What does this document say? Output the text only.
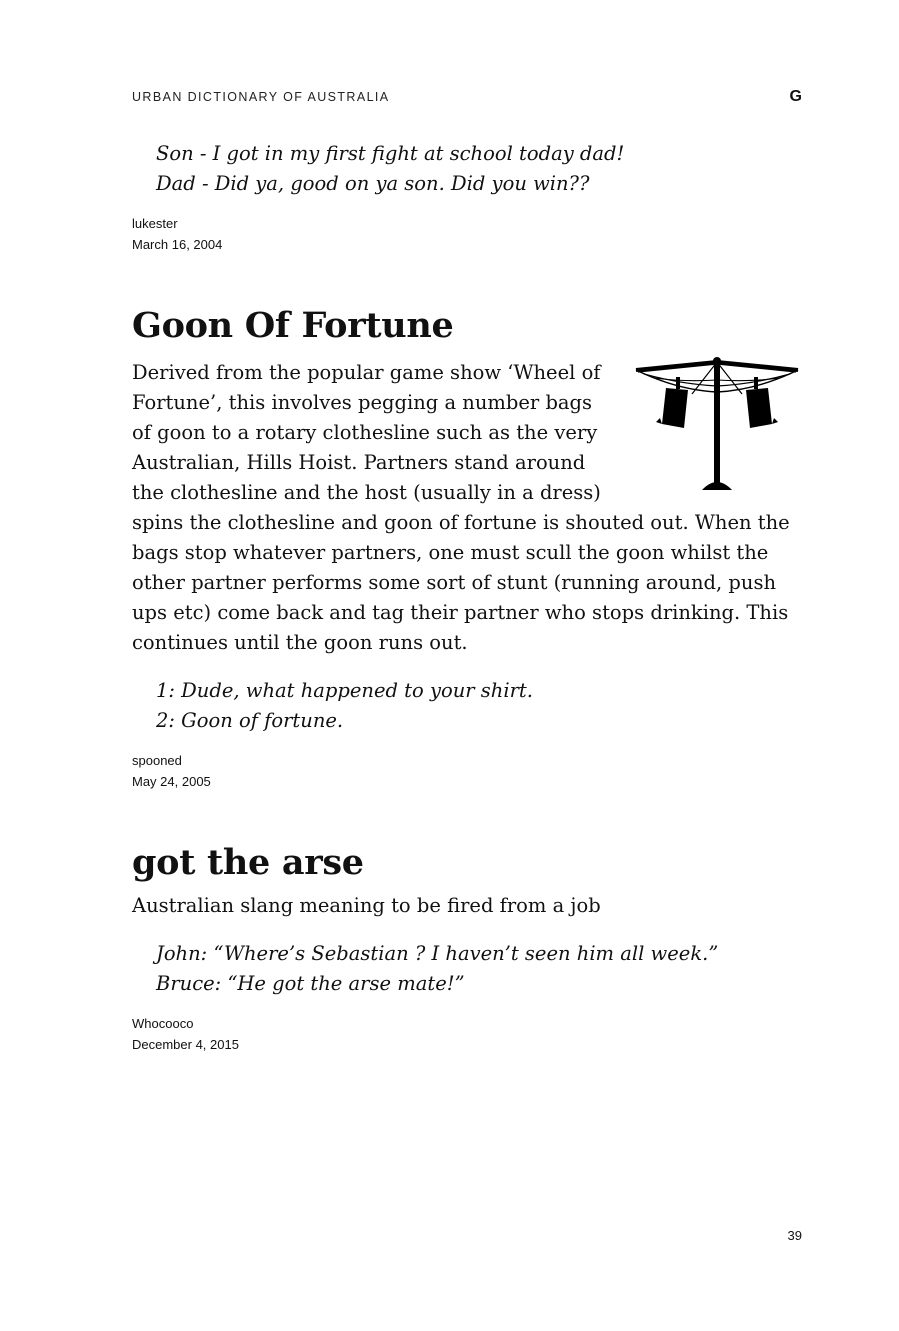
URBAN DICTIONARY OF AUSTRALIA	G

Son - I got in my first fight at school today dad!

Dad - Did ya, good on ya son. Did you win??

lukester
March 16, 2004
Goon Of Fortune

Derived from the popular game show ‘Wheel of Fortune’, this involves pegging a number bags of goon to a rotary clothesline such as the very Australian, Hills Hoist. Partners stand around the clothesline and the host (usually in a dress) spins the clothesline and goon of fortune is shouted out. When the bags stop whatever partners, one must scull the goon whilst the other partner performs some sort of stunt (running around, push ups etc) come back and tag their partner who stops drinking. This continues until the goon runs out.

1: Dude, what happened to your shirt.

2: Goon of fortune.

spooned
May 24, 2005
got the arse

Australian slang meaning to be fired from a job

John: “Where’s Sebastian ? I haven’t seen him all week.”

Bruce: “He got the arse mate!”

Whocooco
December 4, 2015
39
